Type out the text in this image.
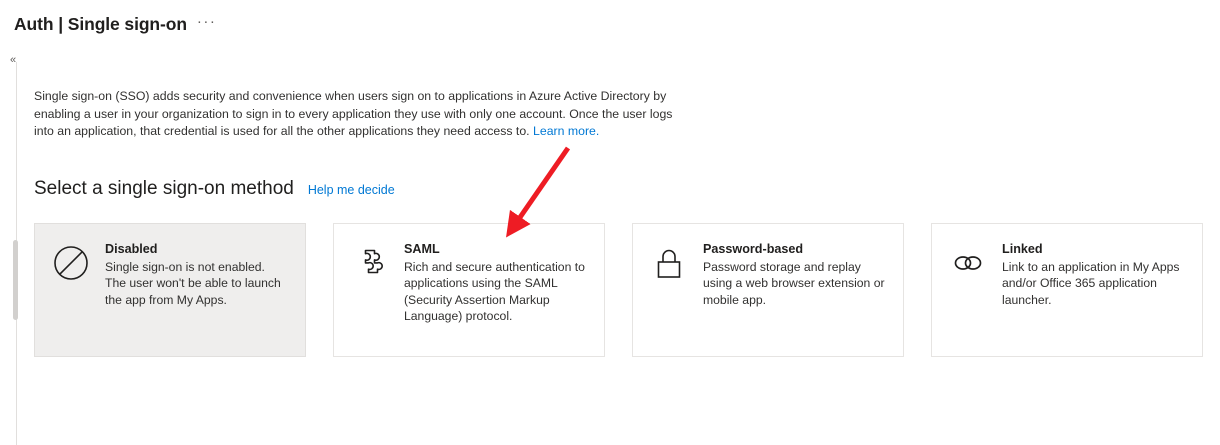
Auth | Single sign-on ···
«

Single sign-on (SSO) adds security and convenience when users sign on to applications in Azure Active Directory by enabling a user in your organization to sign in to every application they use with only one account. Once the user logs into an application, that credential is used for all the other applications they need access to. Learn more.

Select a single sign-on method Help me decide
Disabled
Single sign-on is not enabled. The user won't be able to launch the app from My Apps.
SAML
Rich and secure authentication to applications using the SAML (Security Assertion Markup Language) protocol.
Password-based
Password storage and replay using a web browser extension or mobile app.
Linked
Link to an application in My Apps and/or Office 365 application launcher.
